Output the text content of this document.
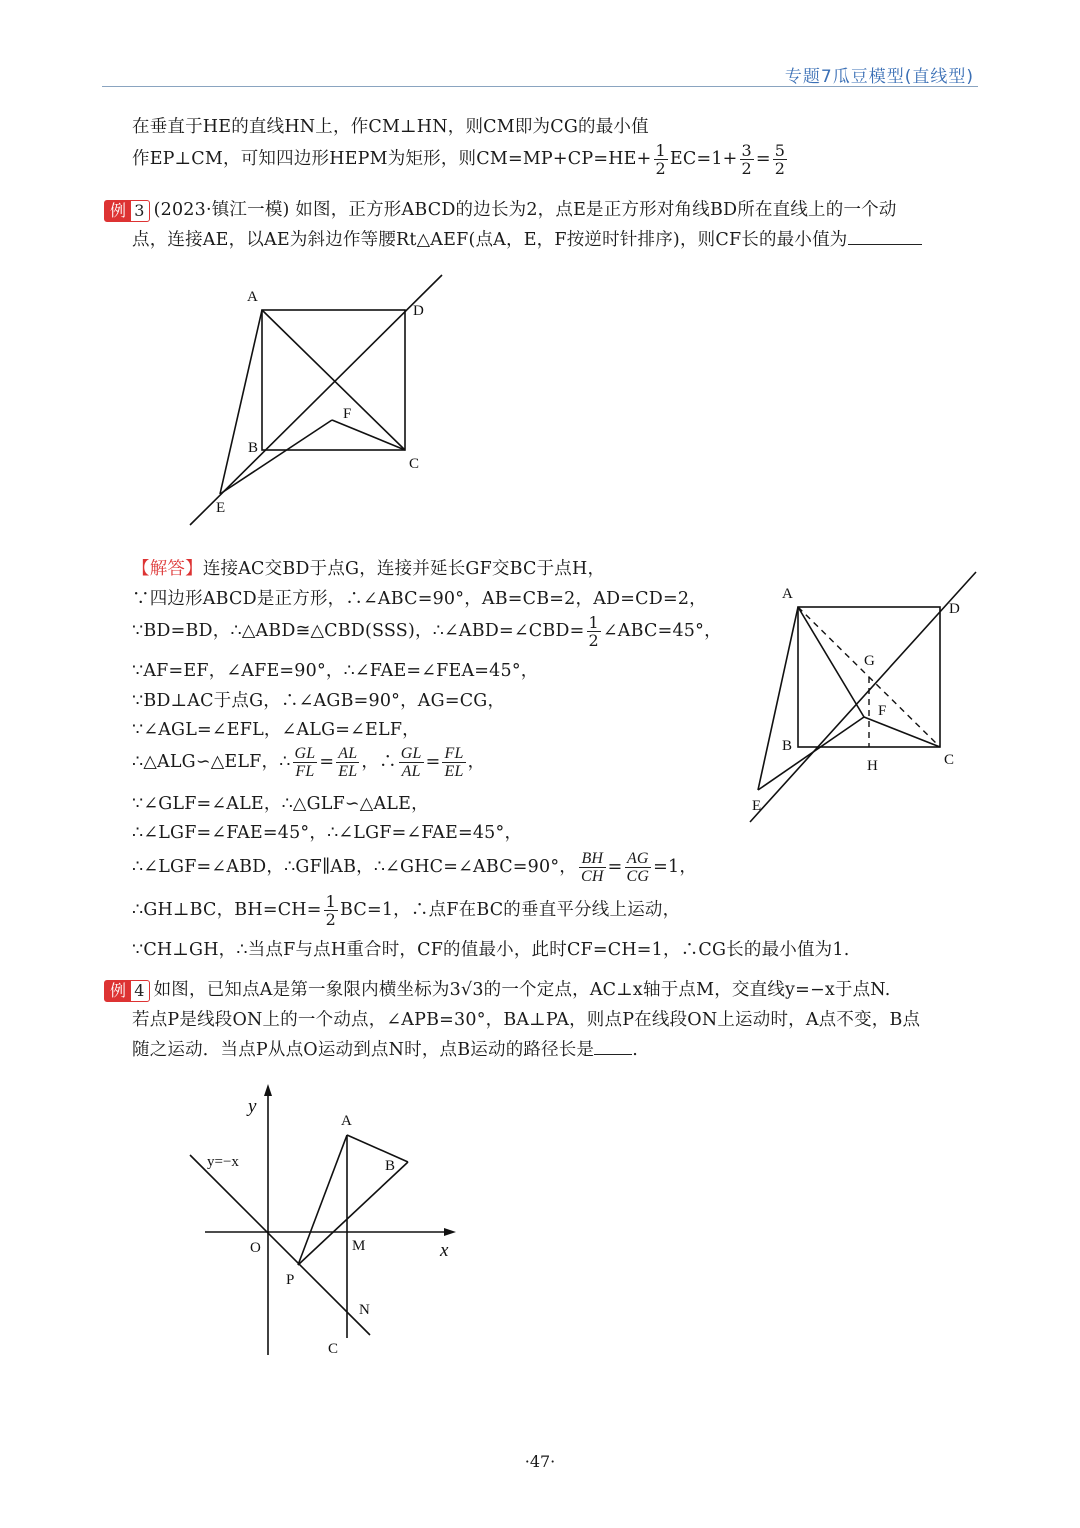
专题7瓜豆模型(直线型)
在垂直于HE的直线HN上，作CM⊥HN，则CM即为CG的最小值
作EP⊥CM，可知四边形HEPM为矩形，则$CM=MP+CP=HE+ \frac{1}{2} EC=1+ \frac{3}{2} = \frac{5}{2}$
例 3 (2023·镇江一模) 如图，正方形ABCD的边长为2，点E是正方形对角线BD所在直线上的一个动
点，连接AE，以AE为斜边作等腰Rt△AEF(点A，E，F按逆时针排序)，则CF长的最小值为
A
D
F
B
C
E
【解答】连接AC交BD于点G，连接并延长GF交BC于点H，
∵四边形ABCD是正方形，∴∠ABC=90°，AB=CB=2，AD=CD=2，
∵BD=BD，∴△ABD≅△CBD(SSS)，∴∠ABD=∠CBD= $\frac{1}{2}$ ∠ABC=45°，
∵AF=EF，∠AFE=90°，∴∠FAE=∠FEA=45°，
∵BD⊥AC于点G，∴∠AGB=90°，AG=CG，
∵∠AGL=∠EFL，∠ALG=∠ELF，
∴△ALG∽△ELF，∴ $\frac{GL}{FL} = \frac{AL}{EL}$ ，∴ $\frac{GL}{AL} = \frac{FL}{EL}$ ，
∵∠GLF=∠ALE，∴△GLF∽△ALE，
∴∠LGF=∠FAE=45°，∴∠LGF=∠FAE=45°，
∴∠LGF=∠ABD，∴GF∥AB，∴∠GHC=∠ABC=90°， $\frac{BH}{CH} = \frac{AG}{CG} =1$，
∴GH⊥BC，$BH=CH= \frac{1}{2} BC=1$，∴点F在BC的垂直平分线上运动，
∵CH⊥GH，∴当点F与点H重合时，CF的值最小，此时CF=CH=1，∴CG长的最小值为1.
A
D
G
F
B
H	C
E
例 4 如图，已知点A是第一象限内横坐标为3√3的一个定点，AC⊥x轴于点M，交直线y=−x于点N.
若点P是线段ON上的一个动点，∠APB=30°，BA⊥PA，则点P在线段ON上运动时，A点不变，B点
随之运动．当点P从点O运动到点N时，点B运动的路径长是 .
y
x
y=−x
A
B
O	M
P
N
C
·47·
